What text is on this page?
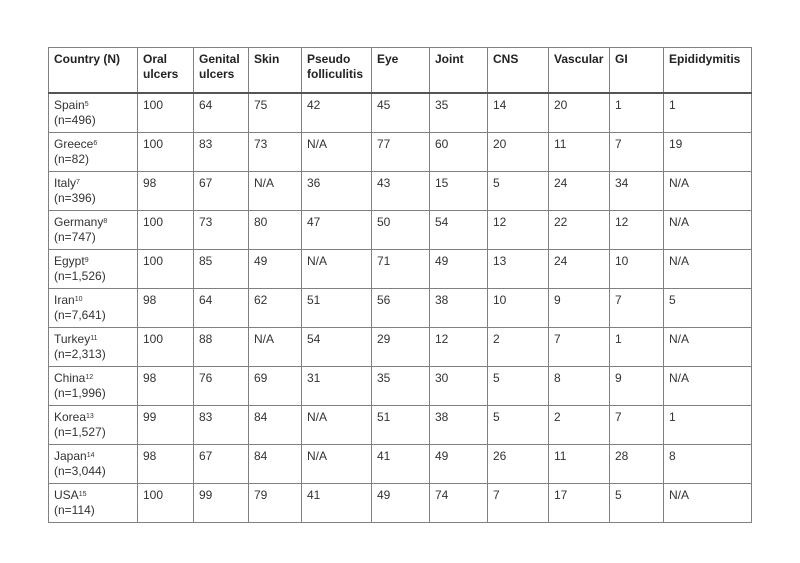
Country (N)	Oral ulcers	Genital ulcers	Skin	Pseudo folliculitis	Eye	Joint	CNS	Vascular	GI	Epididymitis
Spain$^5$
(n=496)	100	64	75	42	45	35	14	20	1	1
Greece$^6$
(n=82)	100	83	73	N/A	77	60	20	11	7	19
Italy$^7$
(n=396)	98	67	N/A	36	43	15	5	24	34	N/A
Germany$^8$
(n=747)	100	73	80	47	50	54	12	22	12	N/A
Egypt$^9$
(n=1,526)	100	85	49	N/A	71	49	13	24	10	N/A
Iran$^{10}$
(n=7,641)	98	64	62	51	56	38	10	9	7	5
Turkey$^{11}$
(n=2,313)	100	88	N/A	54	29	12	2	7	1	N/A
China$^{12}$
(n=1,996)	98	76	69	31	35	30	5	8	9	N/A
Korea$^{13}$
(n=1,527)	99	83	84	N/A	51	38	5	2	7	1
Japan$^{14}$
(n=3,044)	98	67	84	N/A	41	49	26	11	28	8
USA$^{15}$
(n=114)	100	99	79	41	49	74	7	17	5	N/A
